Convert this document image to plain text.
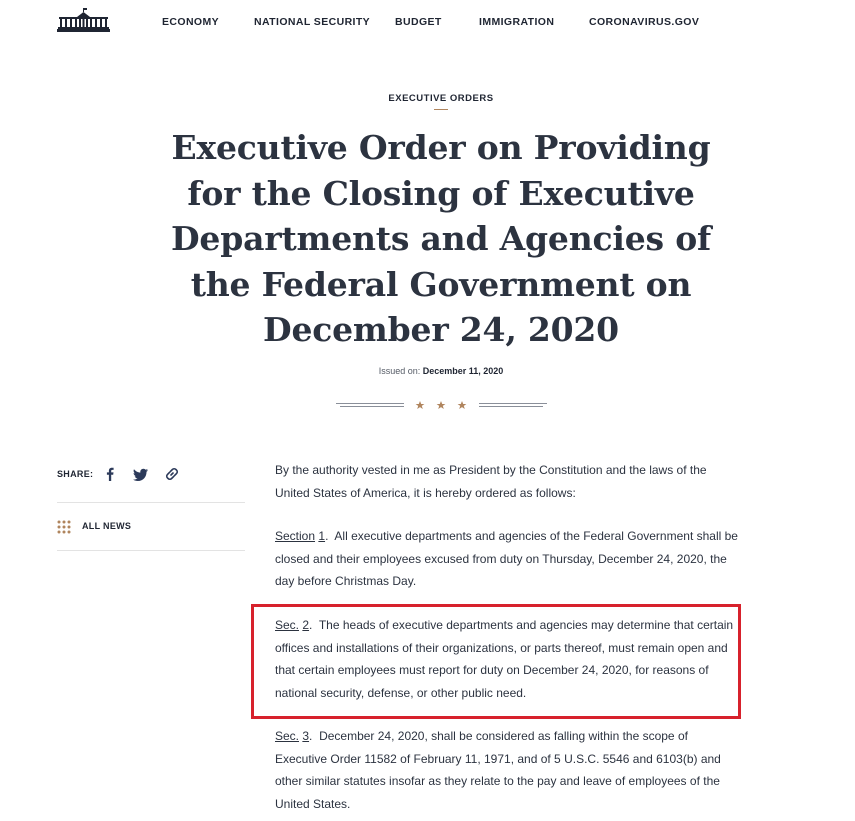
ECONOMY	NATIONAL SECURITY BUDGET	IMMIGRATION	CORONAVIRUS.GOV
EXECUTIVE ORDERS
Executive Order on Providing for the Closing of Executive Departments and Agencies of the Federal Government on December 24, 2020
Issued on: December 11, 2020
SHARE:
ALL NEWS

By the authority vested in me as President by the Constitution and the laws of the United States of America, it is hereby ordered as follows:

Section 1.  All executive departments and agencies of the Federal Government shall be closed and their employees excused from duty on Thursday, December 24, 2020, the day before Christmas Day.

Sec. 2.  The heads of executive departments and agencies may determine that certain offices and installations of their organizations, or parts thereof, must remain open and that certain employees must report for duty on December 24, 2020, for reasons of national security, defense, or other public need.

Sec. 3.  December 24, 2020, shall be considered as falling within the scope of Executive Order 11582 of February 11, 1971, and of 5 U.S.C. 5546 and 6103(b) and other similar statutes insofar as they relate to the pay and leave of employees of the United States.
